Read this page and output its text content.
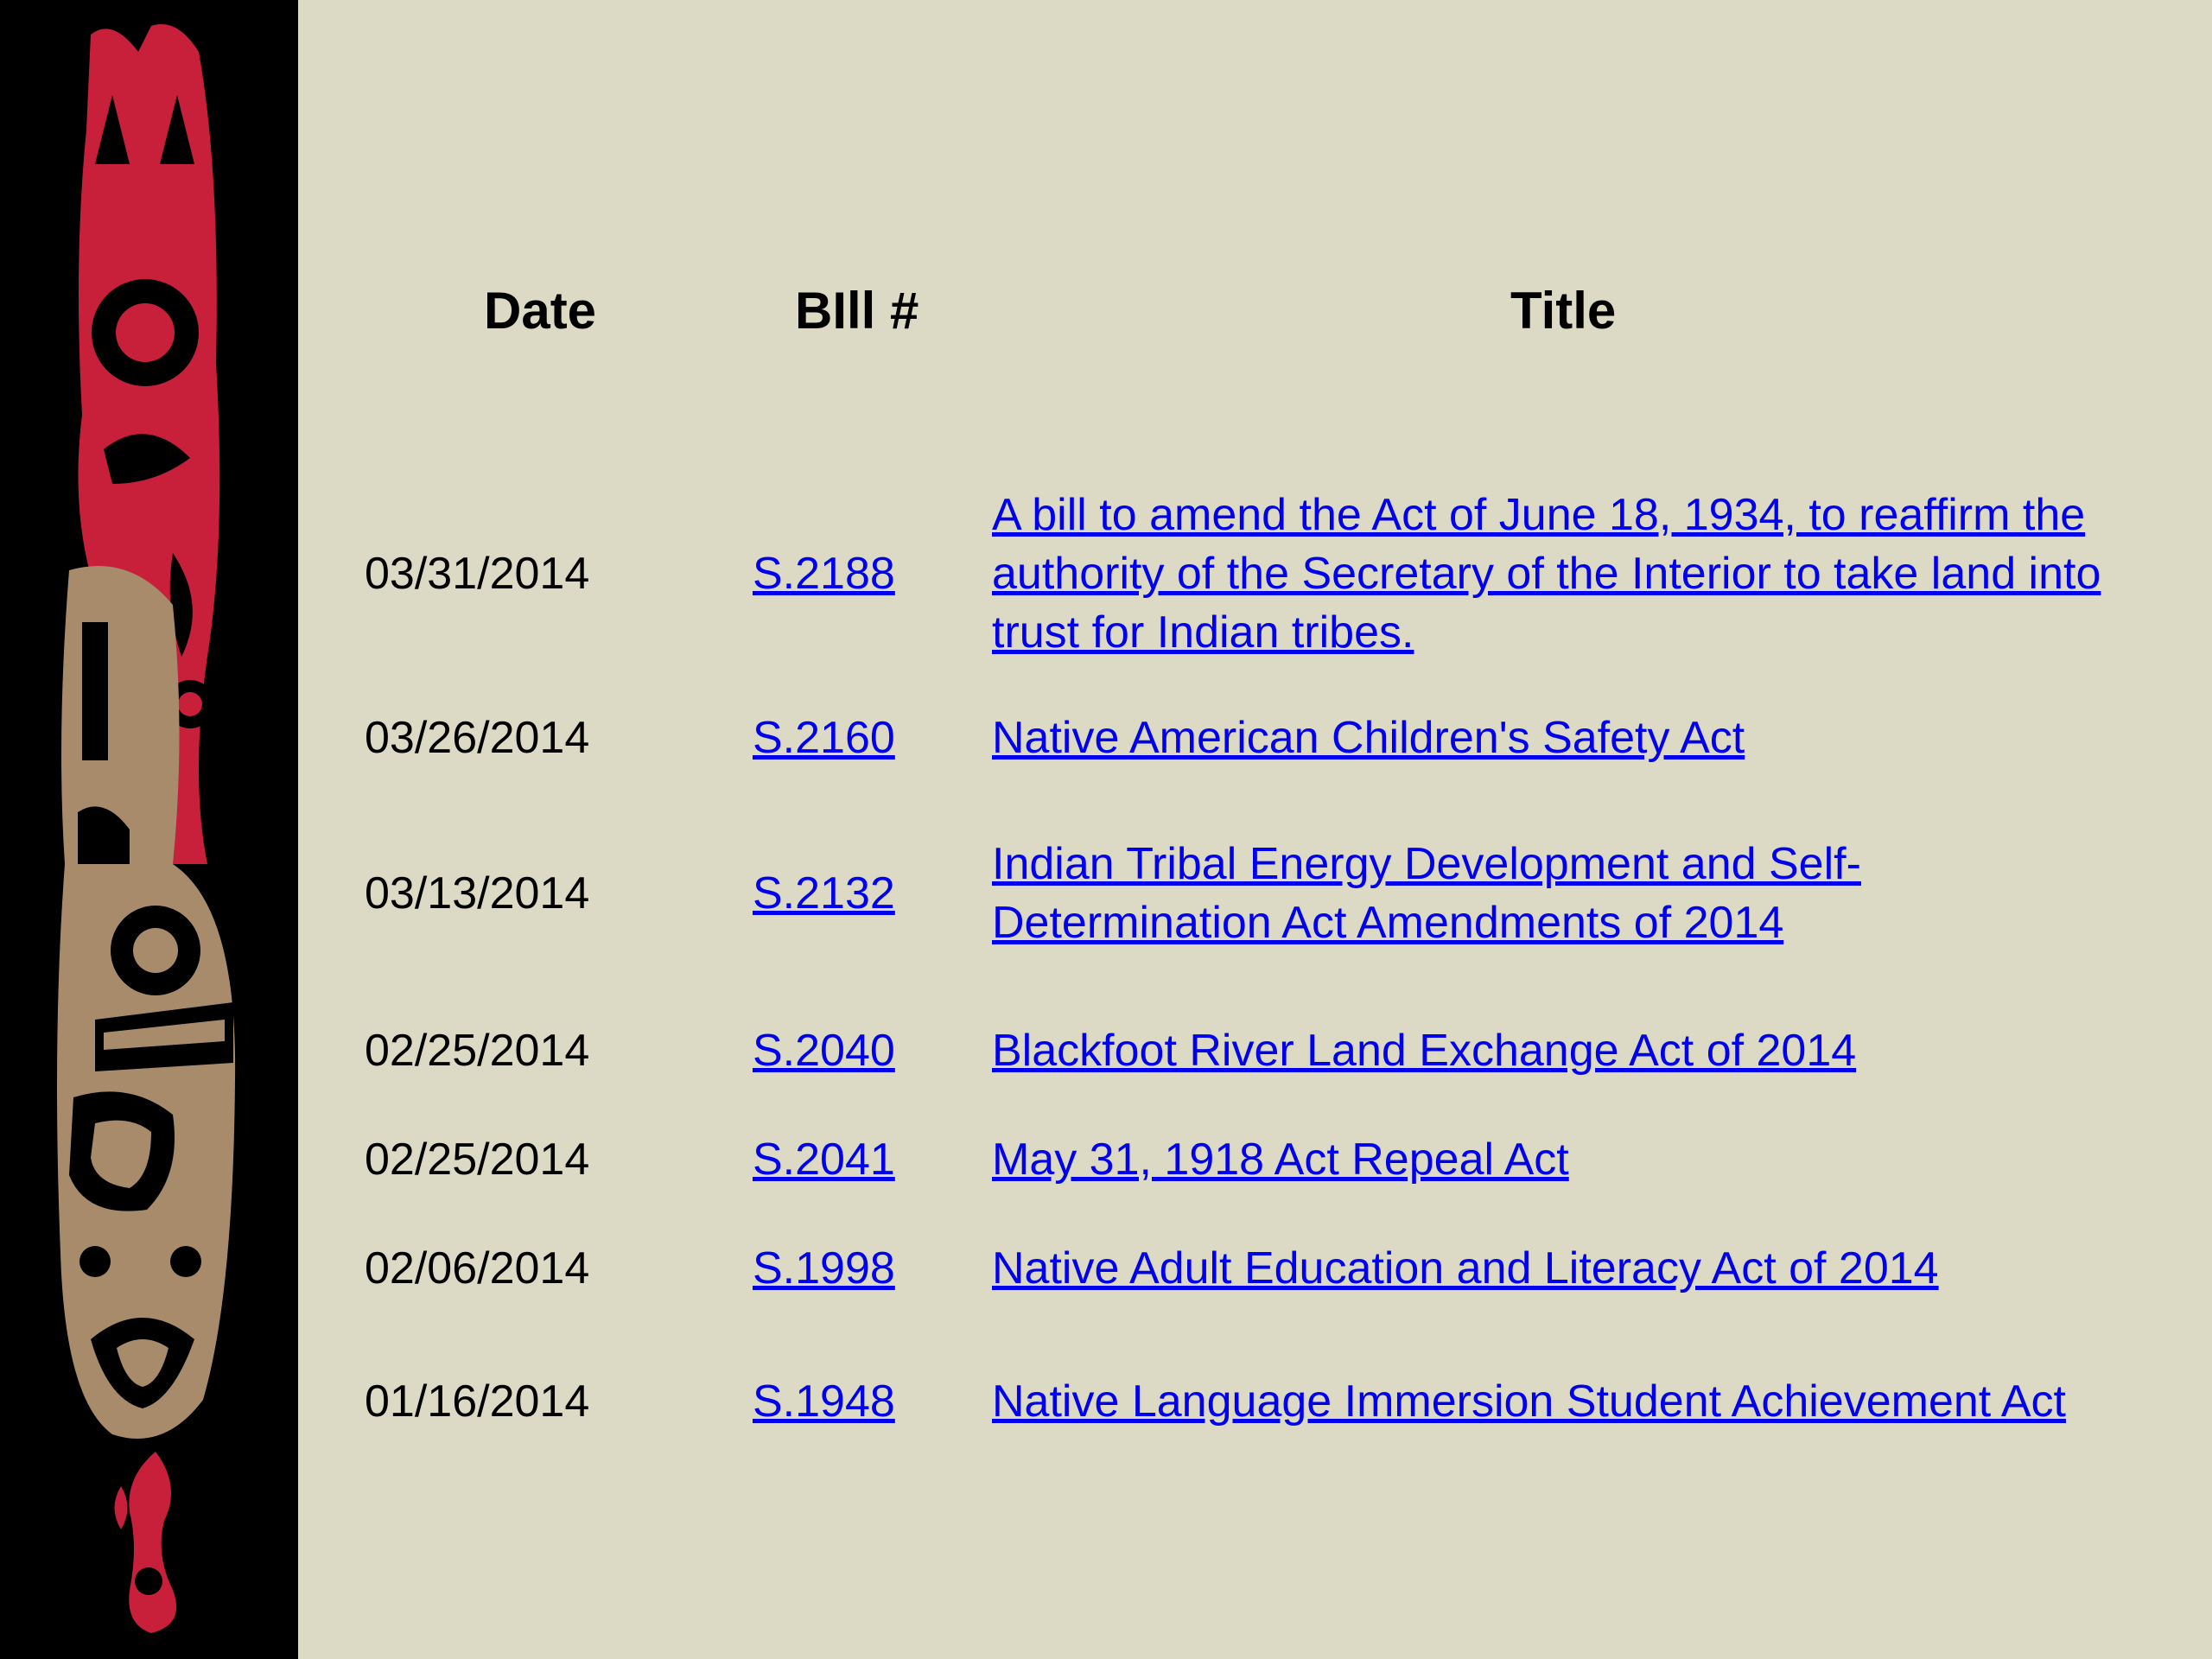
Date	BIll #	Title
03/31/2014	S.2188
A bill to amend the Act of June 18, 1934, to reaffirm the authority of the Secretary of the Interior to take land into trust for Indian tribes.
03/26/2014	S.2160 Native American Children's Safety Act
03/13/2014	S.2132
Indian Tribal Energy Development and Self-Determination Act Amendments of 2014
02/25/2014	S.2040 Blackfoot River Land Exchange Act of 2014
02/25/2014	S.2041 May 31, 1918 Act Repeal Act
02/06/2014	S.1998 Native Adult Education and Literacy Act of 2014
01/16/2014	S.1948 Native Language Immersion Student Achievement Act
